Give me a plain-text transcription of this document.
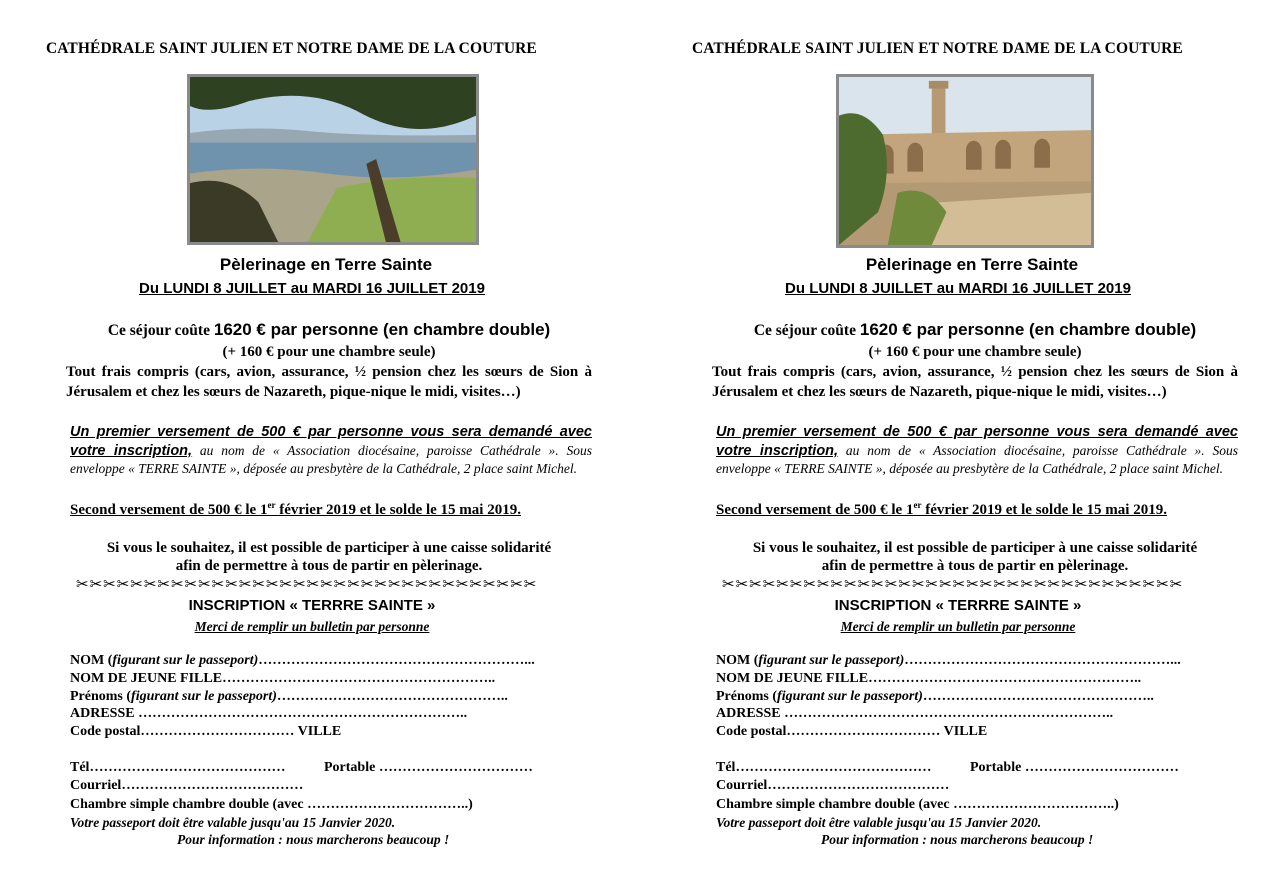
CATHÉDRALE SAINT JULIEN ET NOTRE DAME DE LA COUTURE
Pèlerinage en Terre Sainte
Du LUNDI 8 JUILLET au MARDI 16 JUILLET 2019
Ce séjour coûte 1620 € par personne (en chambre double)
(+ 160 € pour une chambre seule)
Tout frais compris (cars, avion, assurance, ½ pension chez les sœurs de Sion à Jérusalem et chez les sœurs de Nazareth, pique-nique le midi, visites…)
Un premier versement de 500 € par personne vous sera demandé avec votre inscription, au nom de « Association diocésaine, paroisse Cathédrale ». Sous enveloppe « TERRE SAINTE », déposée au presbytère de la Cathédrale, 2 place saint Michel.
Second versement de 500 € le 1er février 2019 et le solde le 15 mai 2019.
Si vous le souhaitez, il est possible de participer à une caisse solidarité
afin de permettre à tous de partir en pèlerinage.
✂✂✂✂✂✂✂✂✂✂✂✂✂✂✂✂✂✂✂✂✂✂✂✂✂✂✂✂✂✂✂✂✂✂
INSCRIPTION « TERRRE SAINTE »
Merci de remplir un bulletin par personne
NOM (figurant sur le passeport)…………………………………………………...
NOM DE JEUNE FILLE…………………………………………………..
Prénoms (figurant sur le passeport)…………………………………………..
ADRESSE ……………………………………………………………..
Code postal…………………………… VILLE
Tél……………………………………	Portable ……………………………
Courriel…………………………………
Chambre simple chambre double (avec ……………………………..)
Votre passeport doit être valable jusqu'au 15 Janvier 2020.
Pour information : nous marcherons beaucoup !
CATHÉDRALE SAINT JULIEN ET NOTRE DAME DE LA COUTURE
Pèlerinage en Terre Sainte
Du LUNDI 8 JUILLET au MARDI 16 JUILLET 2019
Ce séjour coûte 1620 € par personne (en chambre double)
(+ 160 € pour une chambre seule)
Tout frais compris (cars, avion, assurance, ½ pension chez les sœurs de Sion à Jérusalem et chez les sœurs de Nazareth, pique-nique le midi, visites…)
Un premier versement de 500 € par personne vous sera demandé avec votre inscription, au nom de « Association diocésaine, paroisse Cathédrale ». Sous enveloppe « TERRE SAINTE », déposée au presbytère de la Cathédrale, 2 place saint Michel.
Second versement de 500 € le 1er février 2019 et le solde le 15 mai 2019.
Si vous le souhaitez, il est possible de participer à une caisse solidarité
afin de permettre à tous de partir en pèlerinage.
✂✂✂✂✂✂✂✂✂✂✂✂✂✂✂✂✂✂✂✂✂✂✂✂✂✂✂✂✂✂✂✂✂✂
INSCRIPTION « TERRRE SAINTE »
Merci de remplir un bulletin par personne
NOM (figurant sur le passeport)…………………………………………………...
NOM DE JEUNE FILLE…………………………………………………..
Prénoms (figurant sur le passeport)…………………………………………..
ADRESSE ……………………………………………………………..
Code postal…………………………… VILLE
Tél……………………………………	Portable ……………………………
Courriel…………………………………
Chambre simple chambre double (avec ……………………………..)
Votre passeport doit être valable jusqu'au 15 Janvier 2020.
Pour information : nous marcherons beaucoup !
